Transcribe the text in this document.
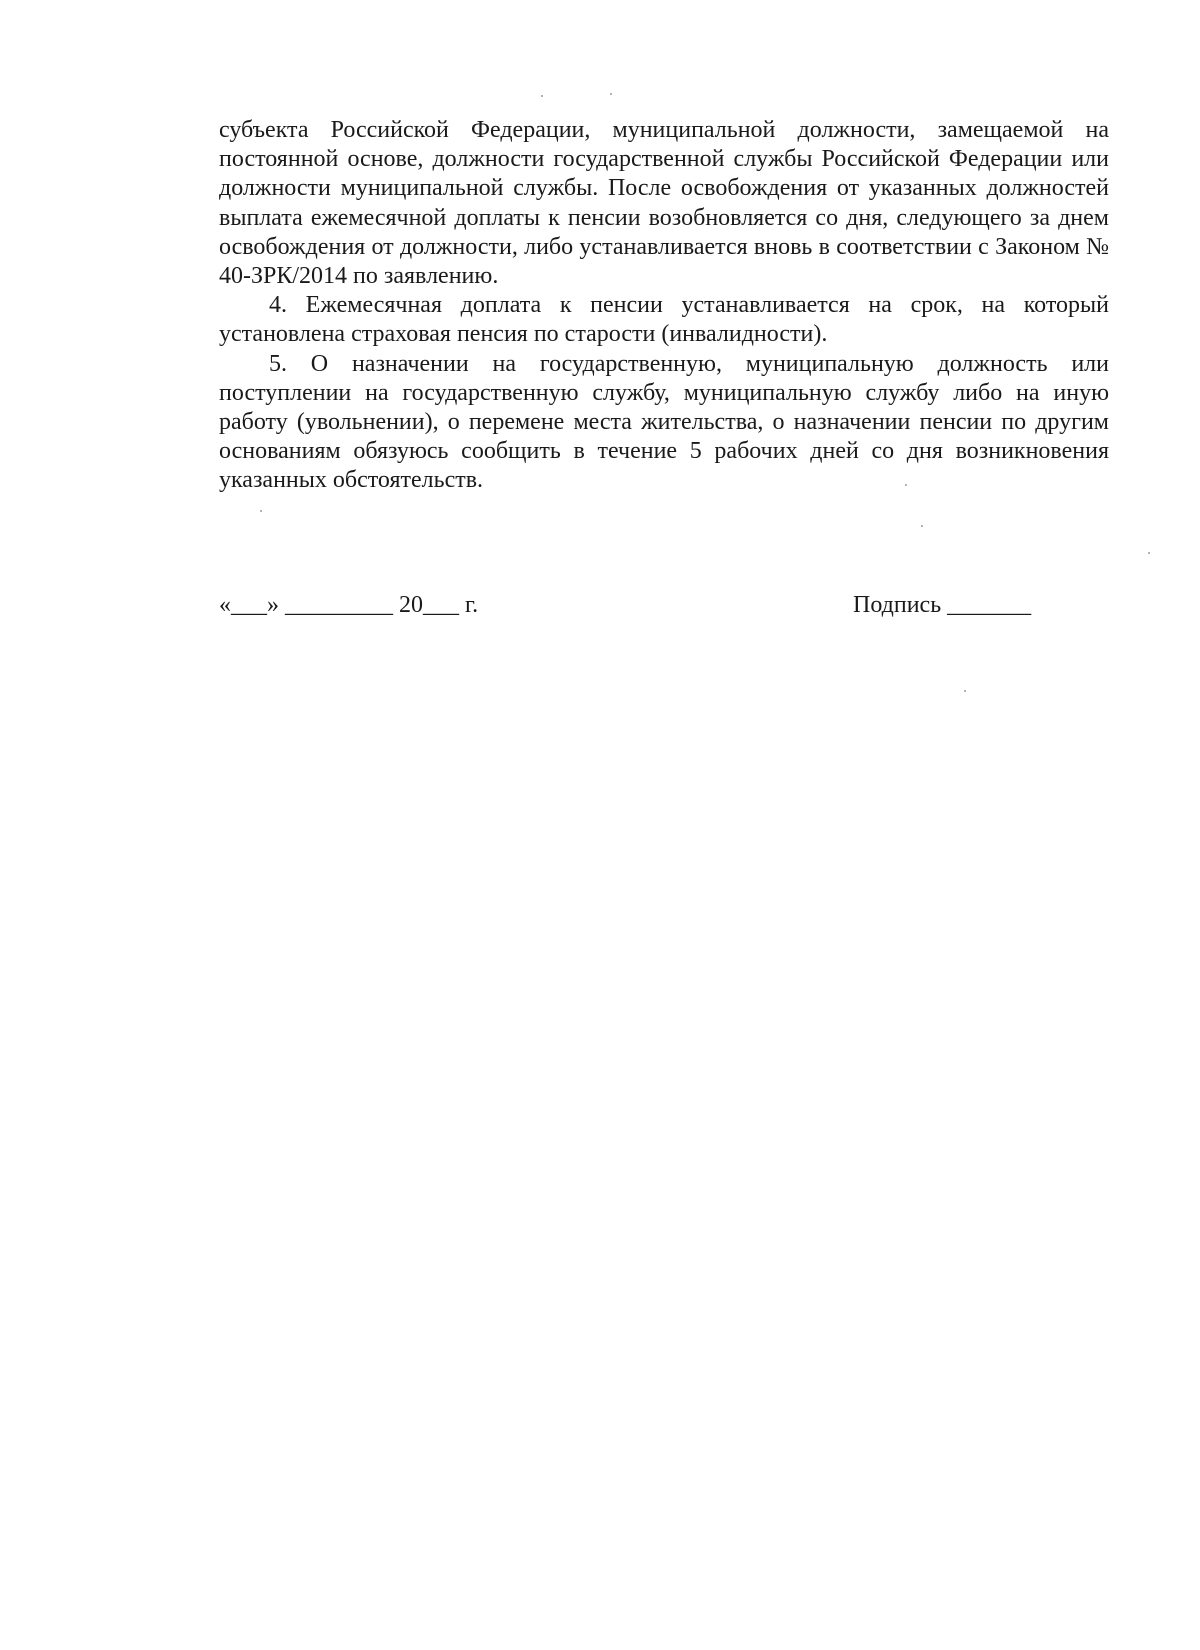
субъекта Российской Федерации, муниципальной должности, замещаемой на постоянной основе, должности государственной службы Российской Федерации или должности муниципальной службы. После освобождения от указанных должностей выплата ежемесячной доплаты к пенсии возобновляется со дня, следующего за днем освобождения от должности, либо устанавливается вновь в соответствии с Законом № 40-ЗРК/2014 по заявлению.

4. Ежемесячная доплата к пенсии устанавливается на срок, на который установлена страховая пенсия по старости (инвалидности).

5. О назначении на государственную, муниципальную должность или поступлении на государственную службу, муниципальную службу либо на иную работу (увольнении), о перемене места жительства, о назначении пенсии по другим основаниям обязуюсь сообщить в течение 5 рабочих дней со дня возникновения указанных обстоятельств.

«___» _________ 20___ г.	Подпись _______
